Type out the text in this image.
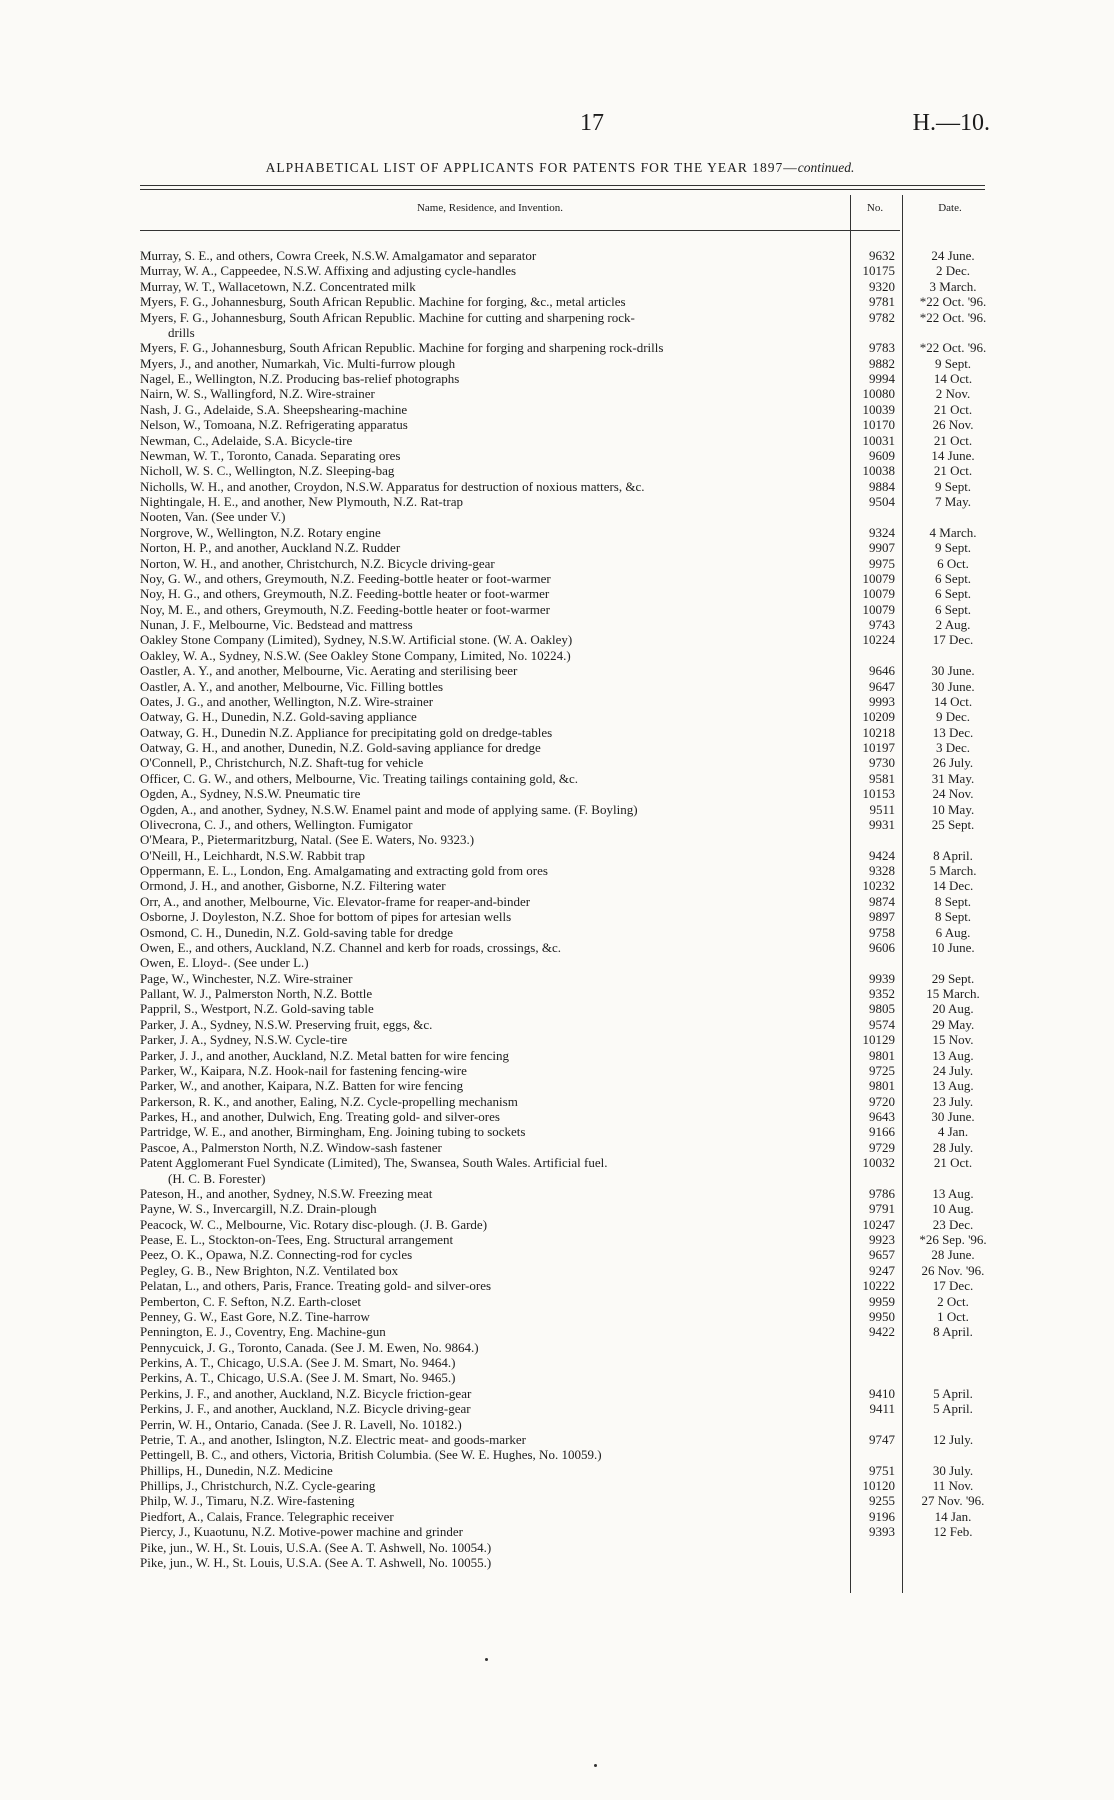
17	H.—10.
ALPHABETICAL LIST OF APPLICANTS FOR PATENTS FOR THE YEAR 1897—continued.
Name, Residence, and Invention.	No.	Date.
Murray, S. E., and others, Cowra Creek, N.S.W. Amalgamator and separator	9632	24 June.
Murray, W. A., Cappeedee, N.S.W. Affixing and adjusting cycle-handles	10175	2 Dec.
Murray, W. T., Wallacetown, N.Z. Concentrated milk	9320	3 March.
Myers, F. G., Johannesburg, South African Republic. Machine for forging, &c., metal articles	9781	*22 Oct. '96.
Myers, F. G., Johannesburg, South African Republic. Machine for cutting and sharpening rock-	9782	*22 Oct. '96.
drills
Myers, F. G., Johannesburg, South African Republic. Machine for forging and sharpening rock-drills	9783	*22 Oct. '96.
Myers, J., and another, Numarkah, Vic. Multi-furrow plough	9882	9 Sept.
Nagel, E., Wellington, N.Z. Producing bas-relief photographs	9994	14 Oct.
Nairn, W. S., Wallingford, N.Z. Wire-strainer	10080	2 Nov.
Nash, J. G., Adelaide, S.A. Sheepshearing-machine	10039	21 Oct.
Nelson, W., Tomoana, N.Z. Refrigerating apparatus	10170	26 Nov.
Newman, C., Adelaide, S.A. Bicycle-tire	10031	21 Oct.
Newman, W. T., Toronto, Canada. Separating ores	9609	14 June.
Nicholl, W. S. C., Wellington, N.Z. Sleeping-bag	10038	21 Oct.
Nicholls, W. H., and another, Croydon, N.S.W. Apparatus for destruction of noxious matters, &c.	9884	9 Sept.
Nightingale, H. E., and another, New Plymouth, N.Z. Rat-trap	9504	7 May.
Nooten, Van. (See under V.)
Norgrove, W., Wellington, N.Z. Rotary engine	9324	4 March.
Norton, H. P., and another, Auckland N.Z. Rudder	9907	9 Sept.
Norton, W. H., and another, Christchurch, N.Z. Bicycle driving-gear	9975	6 Oct.
Noy, G. W., and others, Greymouth, N.Z. Feeding-bottle heater or foot-warmer	10079	6 Sept.
Noy, H. G., and others, Greymouth, N.Z. Feeding-bottle heater or foot-warmer	10079	6 Sept.
Noy, M. E., and others, Greymouth, N.Z. Feeding-bottle heater or foot-warmer	10079	6 Sept.
Nunan, J. F., Melbourne, Vic. Bedstead and mattress	9743	2 Aug.
Oakley Stone Company (Limited), Sydney, N.S.W. Artificial stone. (W. A. Oakley)	10224	17 Dec.
Oakley, W. A., Sydney, N.S.W. (See Oakley Stone Company, Limited, No. 10224.)
Oastler, A. Y., and another, Melbourne, Vic. Aerating and sterilising beer	9646	30 June.
Oastler, A. Y., and another, Melbourne, Vic. Filling bottles	9647	30 June.
Oates, J. G., and another, Wellington, N.Z. Wire-strainer	9993	14 Oct.
Oatway, G. H., Dunedin, N.Z. Gold-saving appliance	10209	9 Dec.
Oatway, G. H., Dunedin N.Z. Appliance for precipitating gold on dredge-tables	10218	13 Dec.
Oatway, G. H., and another, Dunedin, N.Z. Gold-saving appliance for dredge	10197	3 Dec.
O'Connell, P., Christchurch, N.Z. Shaft-tug for vehicle	9730	26 July.
Officer, C. G. W., and others, Melbourne, Vic. Treating tailings containing gold, &c.	9581	31 May.
Ogden, A., Sydney, N.S.W. Pneumatic tire	10153	24 Nov.
Ogden, A., and another, Sydney, N.S.W. Enamel paint and mode of applying same. (F. Boyling)	9511	10 May.
Olivecrona, C. J., and others, Wellington. Fumigator	9931	25 Sept.
O'Meara, P., Pietermaritzburg, Natal. (See E. Waters, No. 9323.)
O'Neill, H., Leichhardt, N.S.W. Rabbit trap	9424	8 April.
Oppermann, E. L., London, Eng. Amalgamating and extracting gold from ores	9328	5 March.
Ormond, J. H., and another, Gisborne, N.Z. Filtering water	10232	14 Dec.
Orr, A., and another, Melbourne, Vic. Elevator-frame for reaper-and-binder	9874	8 Sept.
Osborne, J. Doyleston, N.Z. Shoe for bottom of pipes for artesian wells	9897	8 Sept.
Osmond, C. H., Dunedin, N.Z. Gold-saving table for dredge	9758	6 Aug.
Owen, E., and others, Auckland, N.Z. Channel and kerb for roads, crossings, &c.	9606	10 June.
Owen, E. Lloyd-. (See under L.)
Page, W., Winchester, N.Z. Wire-strainer	9939	29 Sept.
Pallant, W. J., Palmerston North, N.Z. Bottle	9352	15 March.
Pappril, S., Westport, N.Z. Gold-saving table	9805	20 Aug.
Parker, J. A., Sydney, N.S.W. Preserving fruit, eggs, &c.	9574	29 May.
Parker, J. A., Sydney, N.S.W. Cycle-tire	10129	15 Nov.
Parker, J. J., and another, Auckland, N.Z. Metal batten for wire fencing	9801	13 Aug.
Parker, W., Kaipara, N.Z. Hook-nail for fastening fencing-wire	9725	24 July.
Parker, W., and another, Kaipara, N.Z. Batten for wire fencing	9801	13 Aug.
Parkerson, R. K., and another, Ealing, N.Z. Cycle-propelling mechanism	9720	23 July.
Parkes, H., and another, Dulwich, Eng. Treating gold- and silver-ores	9643	30 June.
Partridge, W. E., and another, Birmingham, Eng. Joining tubing to sockets	9166	4 Jan.
Pascoe, A., Palmerston North, N.Z. Window-sash fastener	9729	28 July.
Patent Agglomerant Fuel Syndicate (Limited), The, Swansea, South Wales. Artificial fuel.	10032	21 Oct.
(H. C. B. Forester)
Pateson, H., and another, Sydney, N.S.W. Freezing meat	9786	13 Aug.
Payne, W. S., Invercargill, N.Z. Drain-plough	9791	10 Aug.
Peacock, W. C., Melbourne, Vic. Rotary disc-plough. (J. B. Garde)	10247	23 Dec.
Pease, E. L., Stockton-on-Tees, Eng. Structural arrangement	9923	*26 Sep. '96.
Peez, O. K., Opawa, N.Z. Connecting-rod for cycles	9657	28 June.
Pegley, G. B., New Brighton, N.Z. Ventilated box	9247	26 Nov. '96.
Pelatan, L., and others, Paris, France. Treating gold- and silver-ores	10222	17 Dec.
Pemberton, C. F. Sefton, N.Z. Earth-closet	9959	2 Oct.
Penney, G. W., East Gore, N.Z. Tine-harrow	9950	1 Oct.
Pennington, E. J., Coventry, Eng. Machine-gun	9422	8 April.
Pennycuick, J. G., Toronto, Canada. (See J. M. Ewen, No. 9864.)
Perkins, A. T., Chicago, U.S.A. (See J. M. Smart, No. 9464.)
Perkins, A. T., Chicago, U.S.A. (See J. M. Smart, No. 9465.)
Perkins, J. F., and another, Auckland, N.Z. Bicycle friction-gear	9410	5 April.
Perkins, J. F., and another, Auckland, N.Z. Bicycle driving-gear	9411	5 April.
Perrin, W. H., Ontario, Canada. (See J. R. Lavell, No. 10182.)
Petrie, T. A., and another, Islington, N.Z. Electric meat- and goods-marker	9747	12 July.
Pettingell, B. C., and others, Victoria, British Columbia. (See W. E. Hughes, No. 10059.)
Phillips, H., Dunedin, N.Z. Medicine	9751	30 July.
Phillips, J., Christchurch, N.Z. Cycle-gearing	10120	11 Nov.
Philp, W. J., Timaru, N.Z. Wire-fastening	9255	27 Nov. '96.
Piedfort, A., Calais, France. Telegraphic receiver	9196	14 Jan.
Piercy, J., Kuaotunu, N.Z. Motive-power machine and grinder	9393	12 Feb.
Pike, jun., W. H., St. Louis, U.S.A. (See A. T. Ashwell, No. 10054.)
Pike, jun., W. H., St. Louis, U.S.A. (See A. T. Ashwell, No. 10055.)
